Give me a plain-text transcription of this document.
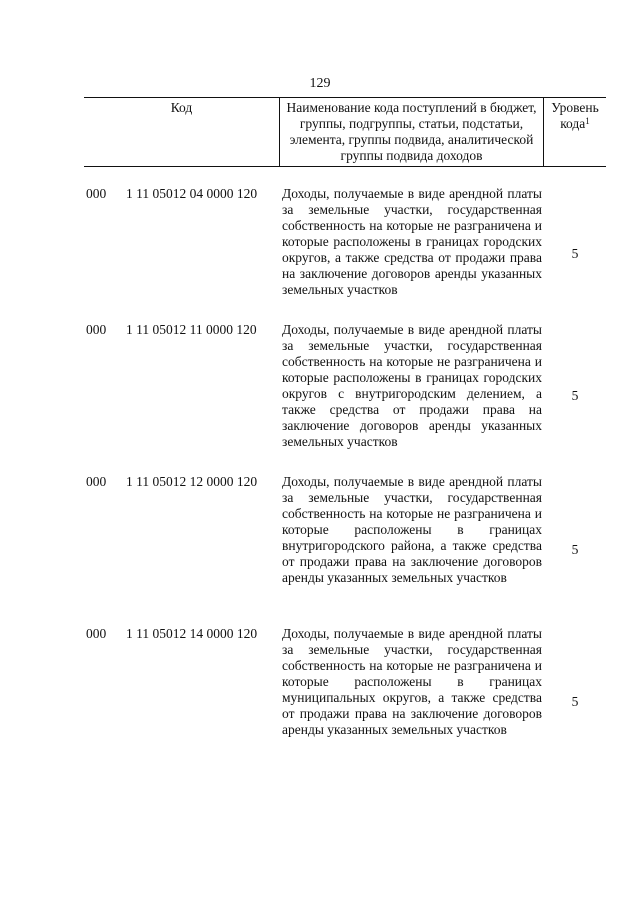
129
Код	Наименование кода поступлений в бюджет, группы, подгруппы, статьи, подстатьи, элемента, группы подвида, аналитической группы подвида доходов
Уровень кода$^1$
000 1 11 05012 04 0000 120 Доходы, получаемые в виде арендной платы за земельные участки, государственная собственность на которые не разграничена и которые расположены в границах городских округов, а также средства от продажи права на заключение договоров аренды указанных земельных участков
5
000 1 11 05012 11 0000 120 Доходы, получаемые в виде арендной платы за земельные участки, государственная собственность на которые не разграничена и которые расположены в границах городских округов с внутригородским делением, а также средства от продажи права на заключение договоров аренды указанных земельных участков
5
000 1 11 05012 12 0000 120 Доходы, получаемые в виде арендной платы за земельные участки, государственная собственность на которые не разграничена и которые расположены в границах внутригородского района, а также средства от продажи права на заключение договоров аренды указанных земельных участков
5
000 1 11 05012 14 0000 120 Доходы, получаемые в виде арендной платы за земельные участки, государственная собственность на которые не разграничена и которые расположены в границах муниципальных округов, а также средства от продажи права на заключение договоров аренды указанных земельных участков
5
